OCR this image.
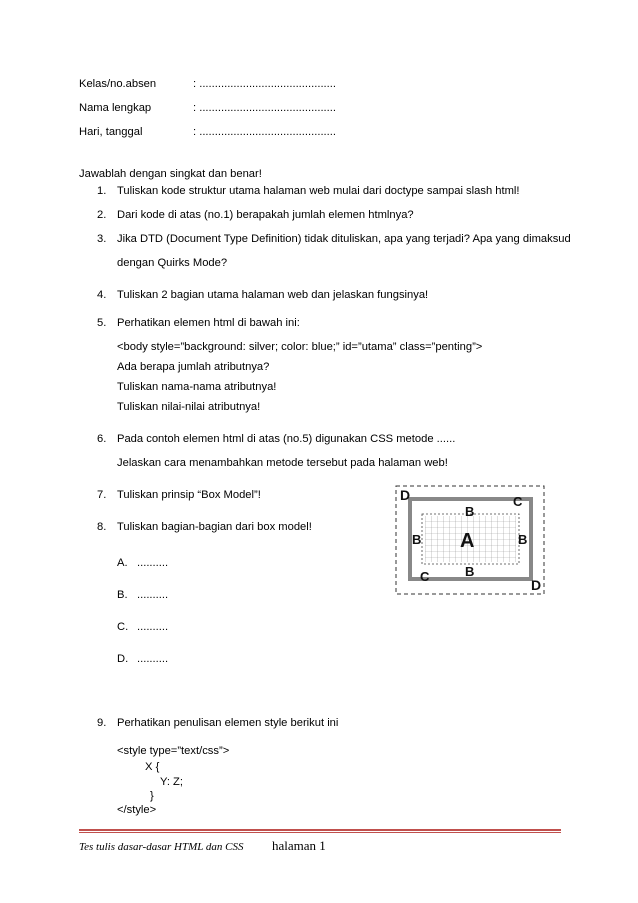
Kelas/no.absen	: ............................................
Nama lengkap	: ............................................
Hari, tanggal	: ............................................
Jawablah dengan singkat dan benar!
1. Tuliskan kode struktur utama halaman web mulai dari doctype sampai slash html!
2. Dari kode di atas (no.1) berapakah jumlah elemen htmlnya?
3. Jika DTD (Document Type Definition) tidak dituliskan, apa yang terjadi? Apa yang dimaksud
dengan Quirks Mode?
4. Tuliskan 2 bagian utama halaman web dan jelaskan fungsinya!
5. Perhatikan elemen html di bawah ini:
<body style=”background: silver; color: blue;” id=”utama” class=”penting”>
Ada berapa jumlah atributnya?
Tuliskan nama-nama atributnya!
Tuliskan nilai-nilai atributnya!
6. Pada contoh elemen html di atas (no.5) digunakan CSS metode ......
Jelaskan cara menambahkan metode tersebut pada halaman web!
7. Tuliskan prinsip “Box Model”!
8. Tuliskan bagian-bagian dari box model!
A. ..........
B. ..........
C. ..........
D. ..........
9. Perhatikan penulisan elemen style berikut ini
<style type=”text/css”>
X {
Y: Z;
}
</style>
D	C
B
B A	B
B
C
D
Tes tulis dasar-dasar HTML dan CSS halaman 1
